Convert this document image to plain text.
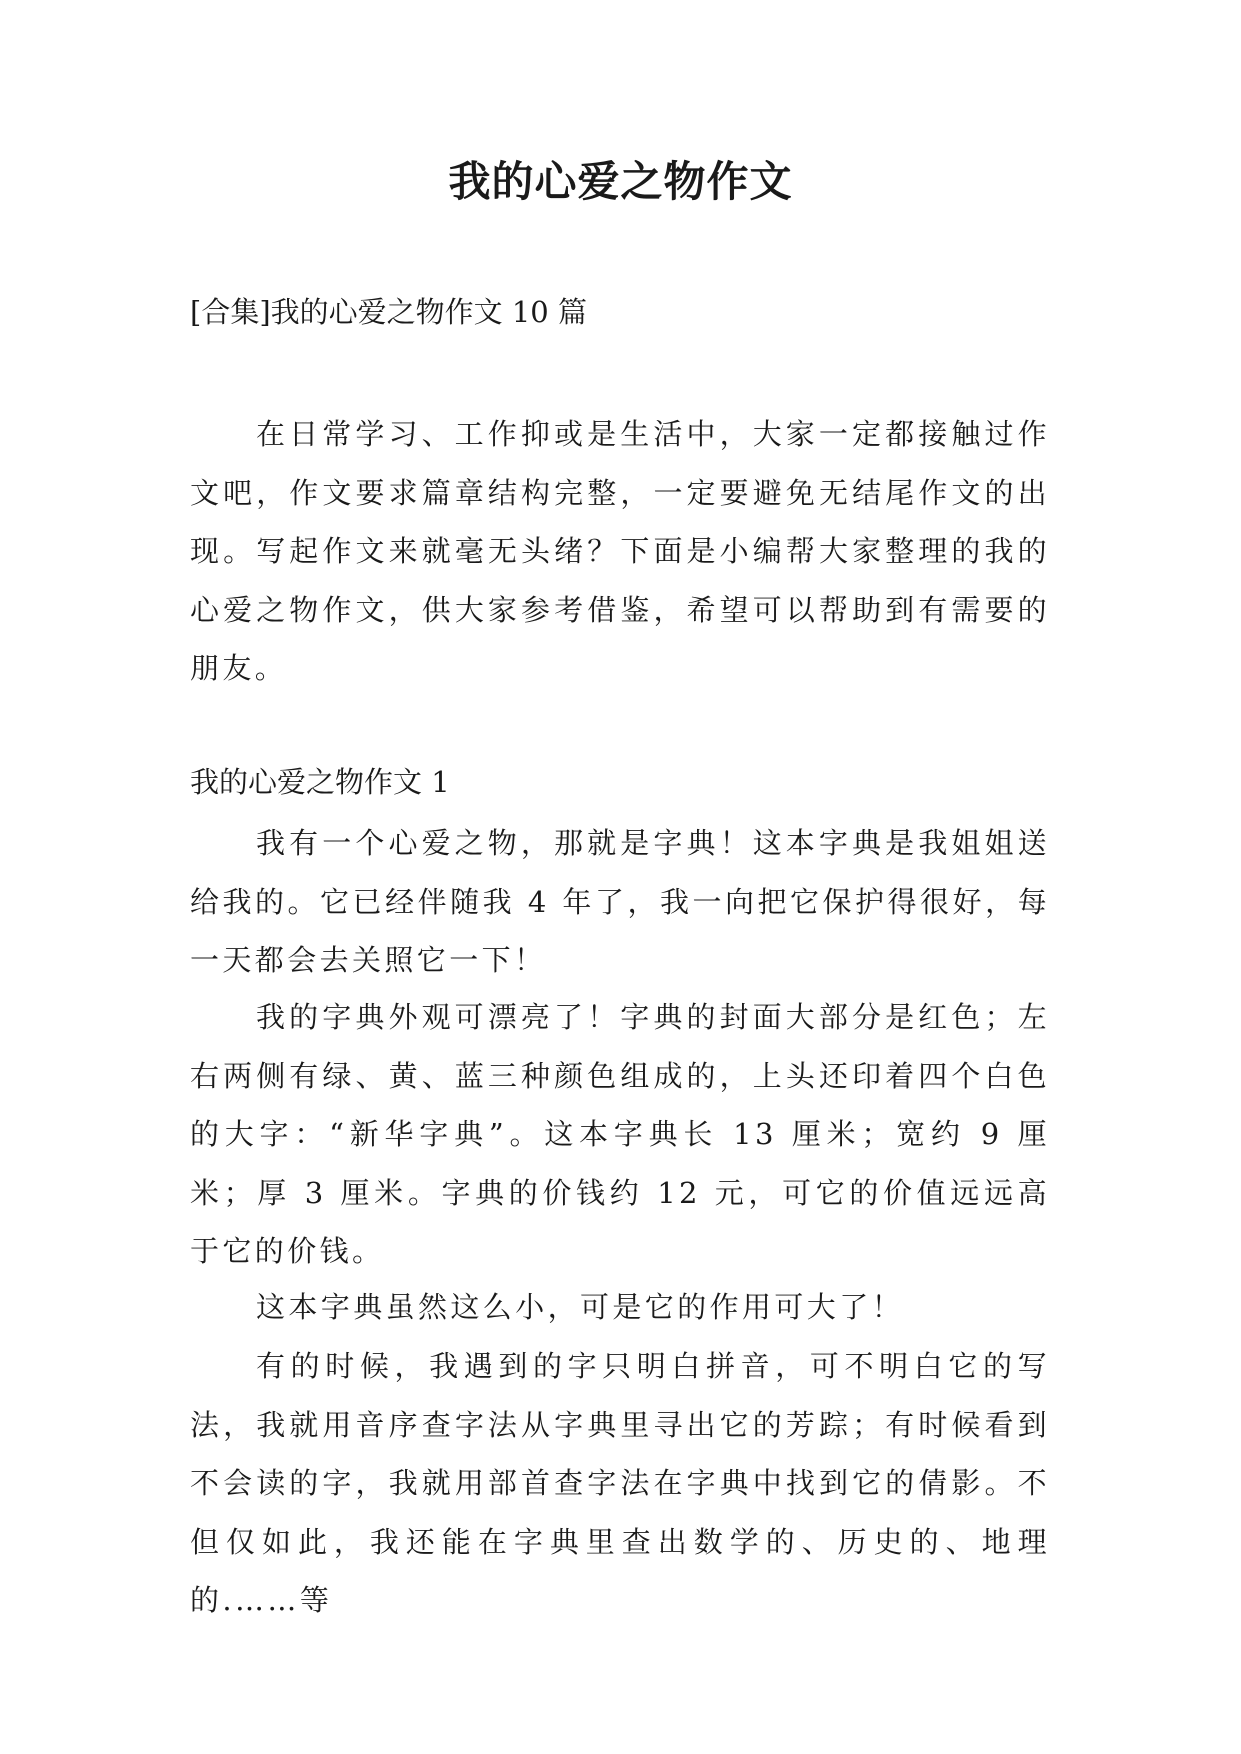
我的心爱之物作文
[合集]我的心爱之物作文 10 篇
在日常学习、工作抑或是生活中，大家一定都接触过作文吧，作文要求篇章结构完整，一定要避免无结尾作文的出现。写起作文来就毫无头绪？下面是小编帮大家整理的我的心爱之物作文，供大家参考借鉴，希望可以帮助到有需要的朋友。
我的心爱之物作文 1
我有一个心爱之物，那就是字典！这本字典是我姐姐送给我的。它已经伴随我 4 年了，我一向把它保护得很好，每一天都会去关照它一下！
我的字典外观可漂亮了！字典的封面大部分是红色；左右两侧有绿、黄、蓝三种颜色组成的，上头还印着四个白色的大字：“新华字典”。这本字典长 13 厘米；宽约 9 厘米；厚 3 厘米。字典的价钱约 12 元，可它的价值远远高于它的价钱。
这本字典虽然这么小，可是它的作用可大了！
有的时候，我遇到的字只明白拼音，可不明白它的写法，我就用音序查字法从字典里寻出它的芳踪；有时候看到不会读的字，我就用部首查字法在字典中找到它的倩影。不但仅如此，我还能在字典里查出数学的、历史的、地理的.……等
